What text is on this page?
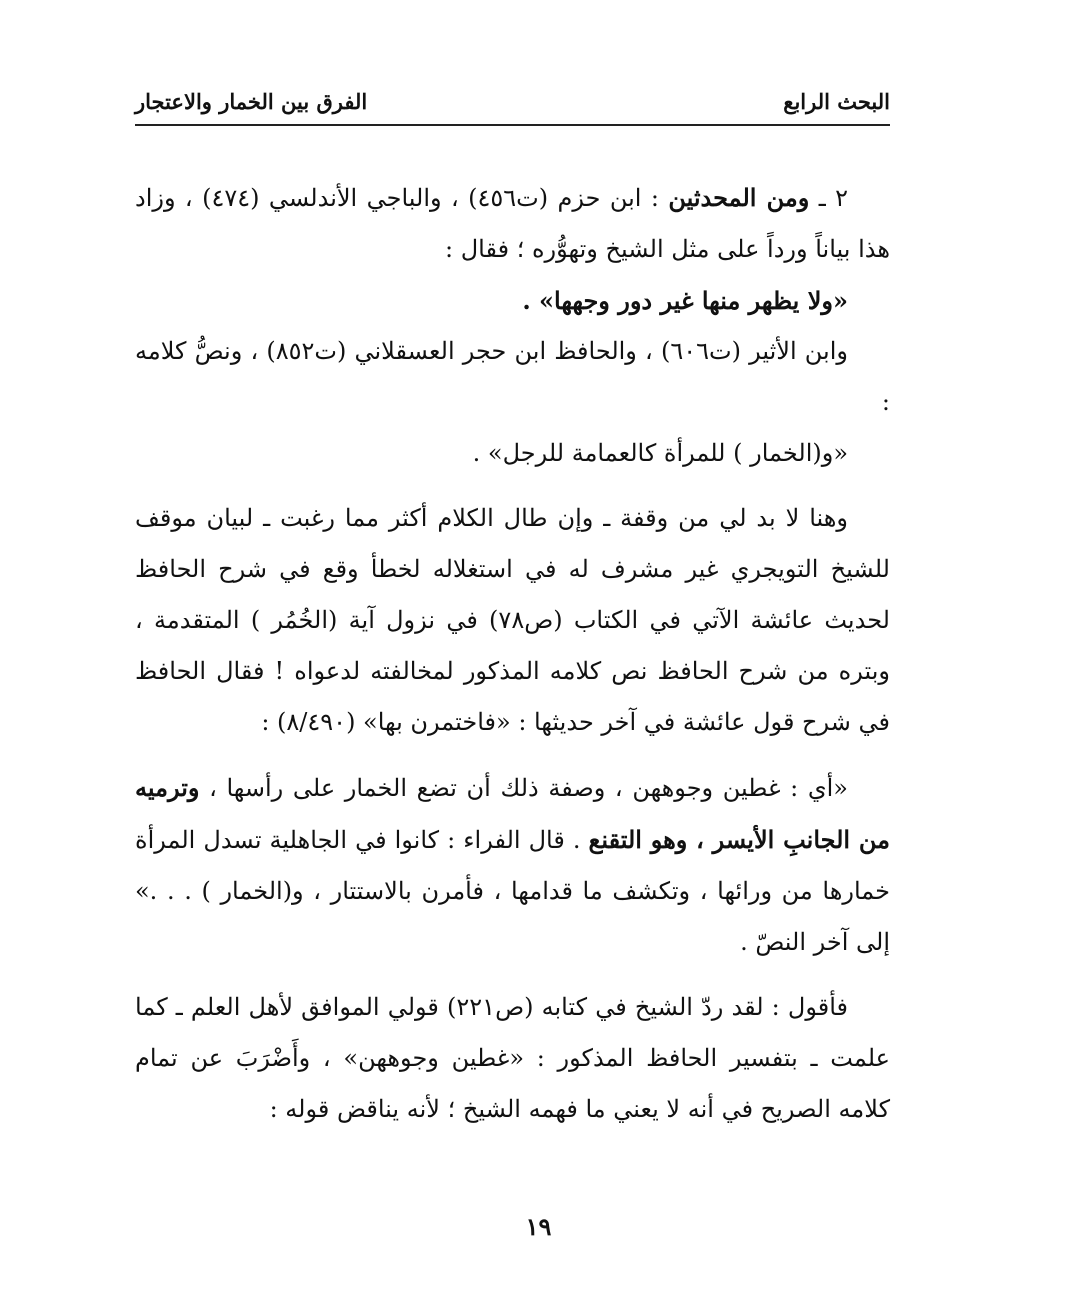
البحث الرابع
الفرق بين الخمار والاعتجار

٢ ـ ومن المحدثين : ابن حزم (ت٤٥٦) ، والباجي الأندلسي (٤٧٤) ، وزاد هذا بياناً ورداً على مثل الشيخ وتهوُّره ؛ فقال :

«ولا يظهر منها غير دور وجهها» .

وابن الأثير (ت٦٠٦) ، والحافظ ابن حجر العسقلاني (ت٨٥٢) ، ونصُّ كلامه :

«و(الخمار ) للمرأة كالعمامة للرجل» .

وهنا لا بد لي من وقفة ـ وإن طال الكلام أكثر مما رغبت ـ لبيان موقف للشيخ التويجري غير مشرف له في استغلاله لخطأ وقع في شرح الحافظ لحديث عائشة الآتي في الكتاب (ص٧٨) في نزول آية (الخُمُر ) المتقدمة ، وبتره من شرح الحافظ نص كلامه المذكور لمخالفته لدعواه ! فقال الحافظ في شرح قول عائشة في آخر حديثها : «فاختمرن بها» (٨/٤٩٠) :

«أي : غطين وجوههن ، وصفة ذلك أن تضع الخمار على رأسها ، وترميه من الجانبِ الأيسر ، وهو التقنع . قال الفراء : كانوا في الجاهلية تسدل المرأة خمارها من ورائها ، وتكشف ما قدامها ، فأمرن بالاستتار ، و(الخمار ) . . .» إلى آخر النصّ .

فأقول : لقد ردّ الشيخ في كتابه (ص٢٢١) قولي الموافق لأهل العلم ـ كما علمت ـ بتفسير الحافظ المذكور : «غطين وجوههن» ، وأَضْرَبَ عن تمام كلامه الصريح في أنه لا يعني ما فهمه الشيخ ؛ لأنه يناقض قوله :

١٩
